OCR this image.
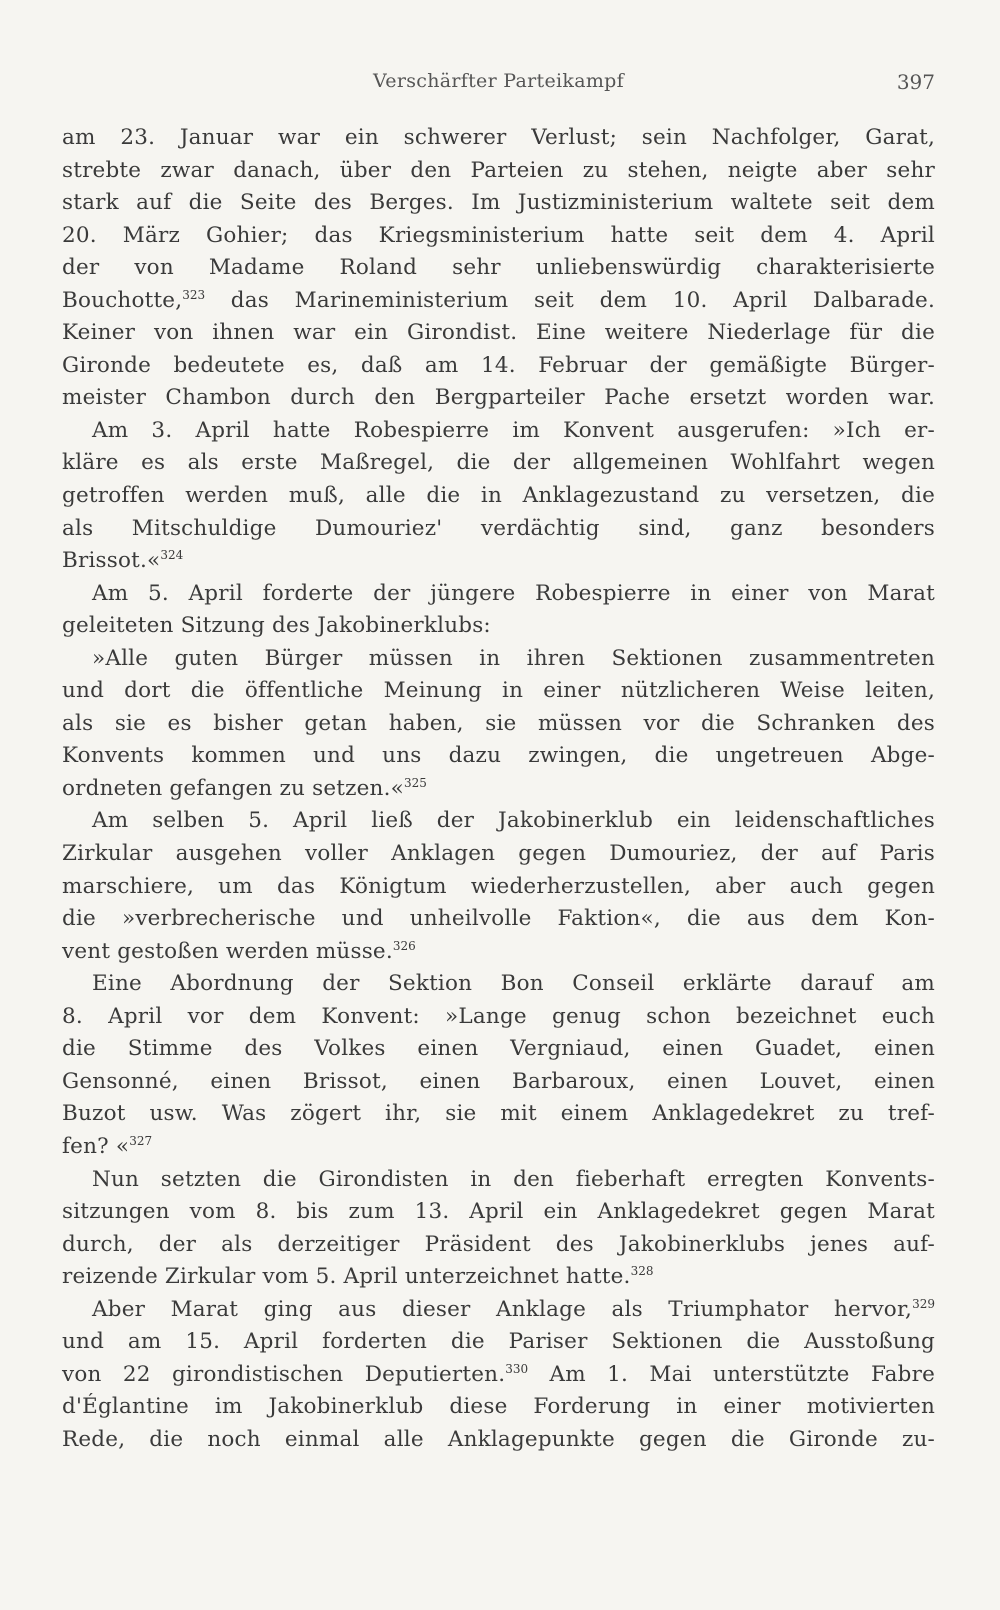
Verschärfter Parteikampf	397
am 23. Januar war ein schwerer Verlust; sein Nachfolger, Garat,
strebte zwar danach, über den Parteien zu stehen, neigte aber sehr
stark auf die Seite des Berges. Im Justizministerium waltete seit dem
20. März Gohier; das Kriegsministerium hatte seit dem 4. April
der von Madame Roland sehr unliebenswürdig charakterisierte
Bouchotte,$^{323}$ das Marineministerium seit dem 10. April Dalbarade.
Keiner von ihnen war ein Girondist. Eine weitere Niederlage für die
Gironde bedeutete es, daß am 14. Februar der gemäßigte Bürger-
meister Chambon durch den Bergparteiler Pache ersetzt worden war.
Am 3. April hatte Robespierre im Konvent ausgerufen: »Ich er-
kläre es als erste Maßregel, die der allgemeinen Wohlfahrt wegen
getroffen werden muß, alle die in Anklagezustand zu versetzen, die
als Mitschuldige Dumouriez' verdächtig sind, ganz besonders
Brissot.«$^{324}$
Am 5. April forderte der jüngere Robespierre in einer von Marat
geleiteten Sitzung des Jakobinerklubs:
»Alle guten Bürger müssen in ihren Sektionen zusammentreten
und dort die öffentliche Meinung in einer nützlicheren Weise leiten,
als sie es bisher getan haben, sie müssen vor die Schranken des
Konvents kommen und uns dazu zwingen, die ungetreuen Abge-
ordneten gefangen zu setzen.«$^{325}$
Am selben 5. April ließ der Jakobinerklub ein leidenschaftliches
Zirkular ausgehen voller Anklagen gegen Dumouriez, der auf Paris
marschiere, um das Königtum wiederherzustellen, aber auch gegen
die »verbrecherische und unheilvolle Faktion«, die aus dem Kon-
vent gestoßen werden müsse.$^{326}$
Eine Abordnung der Sektion Bon Conseil erklärte darauf am
8. April vor dem Konvent: »Lange genug schon bezeichnet euch
die Stimme des Volkes einen Vergniaud, einen Guadet, einen
Gensonné, einen Brissot, einen Barbaroux, einen Louvet, einen
Buzot usw. Was zögert ihr, sie mit einem Anklagedekret zu tref-
fen? «$^{327}$
Nun setzten die Girondisten in den fieberhaft erregten Konvents-
sitzungen vom 8. bis zum 13. April ein Anklagedekret gegen Marat
durch, der als derzeitiger Präsident des Jakobinerklubs jenes auf-
reizende Zirkular vom 5. April unterzeichnet hatte.$^{328}$
Aber Marat ging aus dieser Anklage als Triumphator hervor,$^{329}$
und am 15. April forderten die Pariser Sektionen die Ausstoßung
von 22 girondistischen Deputierten.$^{330}$ Am 1. Mai unterstützte Fabre
d'Églantine im Jakobinerklub diese Forderung in einer motivierten
Rede, die noch einmal alle Anklagepunkte gegen die Gironde zu-
